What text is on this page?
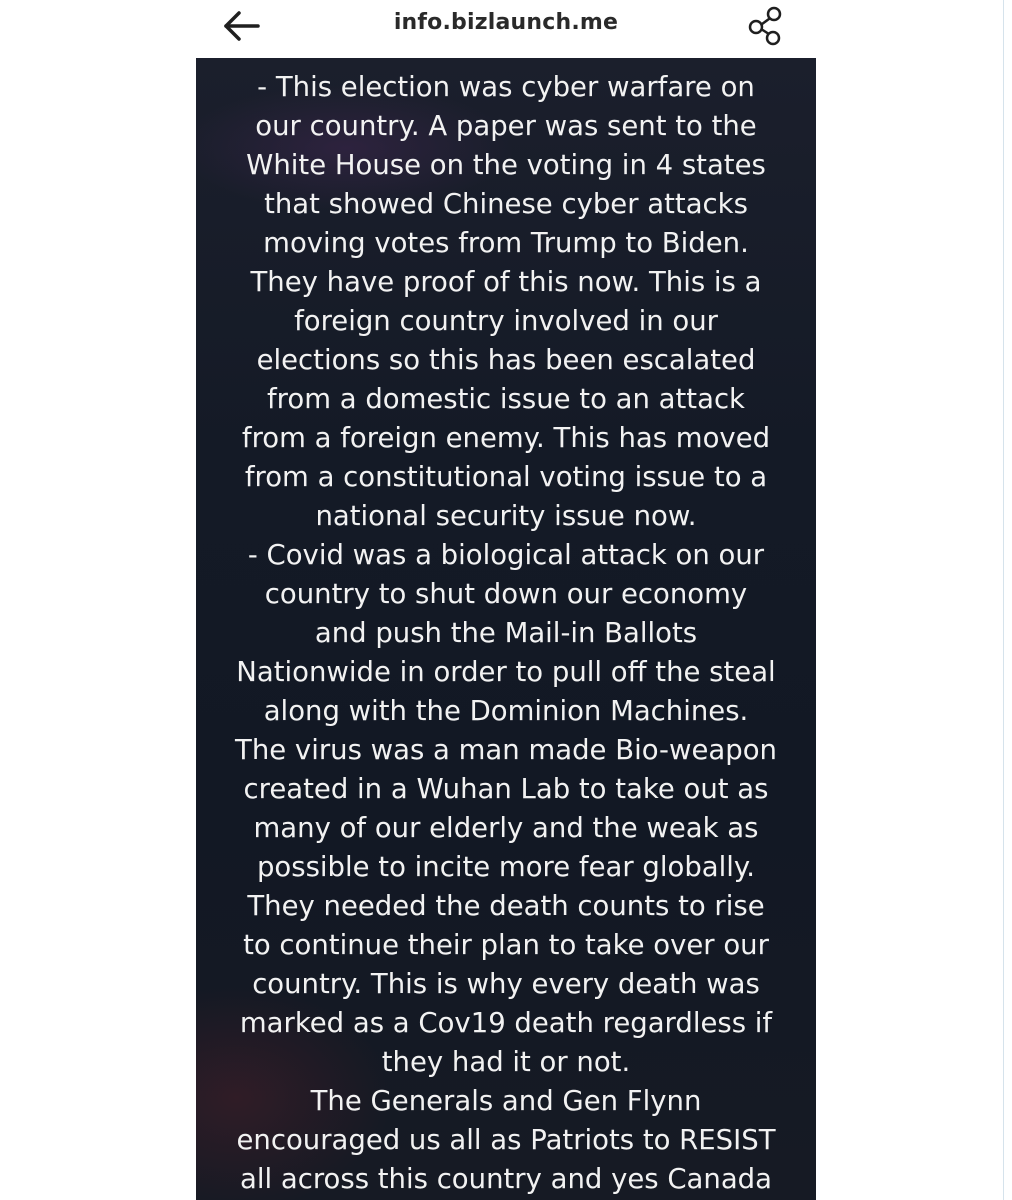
info.bizlaunch.me
- This election was cyber warfare on
our country. A paper was sent to the
White House on the voting in 4 states
that showed Chinese cyber attacks
moving votes from Trump to Biden.
They have proof of this now. This is a
foreign country involved in our
elections so this has been escalated
from a domestic issue to an attack
from a foreign enemy. This has moved
from a constitutional voting issue to a
national security issue now.
- Covid was a biological attack on our
country to shut down our economy
and push the Mail-in Ballots
Nationwide in order to pull off the steal
along with the Dominion Machines.
The virus was a man made Bio-weapon
created in a Wuhan Lab to take out as
many of our elderly and the weak as
possible to incite more fear globally.
They needed the death counts to rise
to continue their plan to take over our
country. This is why every death was
marked as a Cov19 death regardless if
they had it or not.
The Generals and Gen Flynn
encouraged us all as Patriots to RESIST
all across this country and yes Canada
